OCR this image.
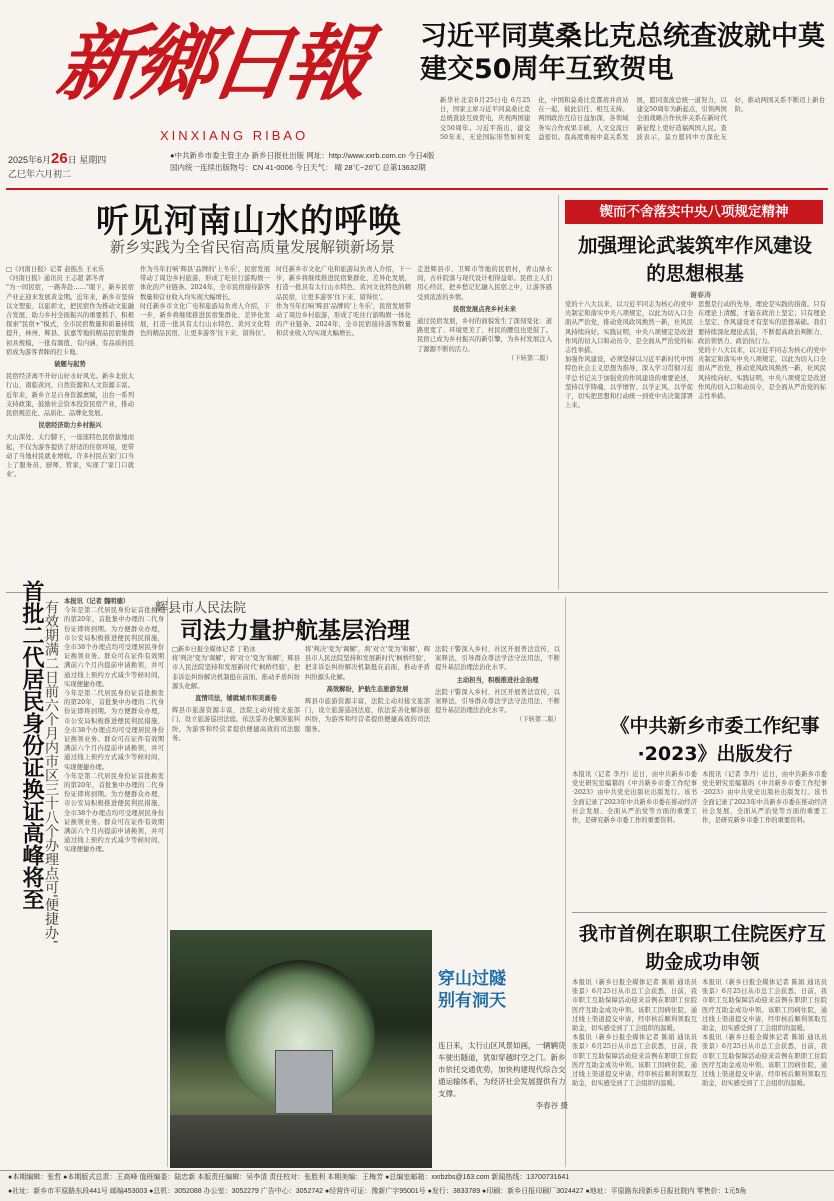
新鄉日報
XINXIANG RIBAO
2025年6月26日 星期四
乙巳年六月初二
●中共新乡市委主管主办 新乡日报社出版 网址：http://www.xxrb.com.cn 今日4版
国内统一连续出版物号：CN 41-0006 今日天气： 晴 28℃~20℃ 总第13632期
习近平同莫桑比克总统查波就中莫建交50周年互致贺电
新华社北京6月25日电 6月25日，国家主席习近平同莫桑比克总统查波互致贺电，庆祝两国建交50周年。习近平指出，建交50年来，无论国际形势如何变化，中国和莫桑比克都肩并肩站在一起，彼此信任、相互支持。两国政治互信日益加深，各领域务实合作成果丰硕，人文交流日益密切。我高度重视中莫关系发展，愿同查波总统一道努力，以建交50周年为新起点，引领两国全面战略合作伙伴关系在新时代新征程上更好造福两国人民。查波表示，莫方愿同中方深化友好，推动两国关系不断迈上新台阶。
听见河南山水的呼唤
新乡实践为全省民宿高质量发展解锁新场景
□《河南日报》记者 赵振杰 王永乐
《河南日报》通讯员 王志超 郭冬青
"为一间民宿，一路奔赴……"眼下，新乡民宿产业正迎来发展黄金期。近年来，新乡市坚持以文塑旅、以旅彰文，把民宿作为推动文旅融合发展、助力乡村全面振兴的重要抓手，积极探索"民宿+"模式，全市民宿数量和质量持续提升，林州、辉县、获嘉等地的精品民宿集群初具规模，一批有颜值、有内涵、有品质的民宿成为游客青睐的打卡地。
破题与起势
民宿经济离不开好山好水好风光。新乡北依太行山、南临黄河，自然资源和人文资源丰富。近年来，新乡立足自身资源禀赋，出台一系列支持政策，鼓励社会资本投资民宿产业，推动民宿规范化、品质化、品牌化发展。
民宿经济助力乡村振兴
大山深处、太行脚下，一座座特色民宿拔地而起，不仅为游客提供了舒适的住宿环境，更带动了当地村民就业增收。许多村民在家门口当上了服务员、厨师、管家，实现了'家门口就业'。
作为当年打响'辉县'品牌的'上冬乐'，民宿发展带动了周边乡村旅游，形成了吃住行游购娱一体化的产业链条。2024年，全市民宿接待游客数量和营业收入均实现大幅增长。
时任新乡市文化广电和旅游局负责人介绍，下一步，新乡将继续推进民宿集群化、差异化发展，打造一批具有太行山水特色、黄河文化特色的精品民宿，让更多游客'住下来、留得住'。
时任新乡市文化广电和旅游局负责人介绍，下一步，新乡将继续推进民宿集群化、差异化发展，打造一批具有太行山水特色、黄河文化特色的精品民宿，让更多游客'住下来、留得住'。
作为当年打响'辉县'品牌的'上冬乐'，民宿发展带动了周边乡村旅游，形成了吃住行游购娱一体化的产业链条。2024年，全市民宿接待游客数量和营业收入均实现大幅增长。
走进辉县市、卫辉市等地的民宿村，青山绿水间，古朴院落与现代设计相得益彰。民宿主人们用心经营，把乡愁记忆融入民宿之中，让游客感受到浓浓的乡情。
民宿发展点亮乡村未来
通过民宿发展，乡村的面貌发生了深刻变化：道路更宽了、环境更美了、村民的腰包也更鼓了。民宿已成为乡村振兴的新引擎，为乡村发展注入了源源不断的活力。
（下转第二版）
锲而不舍落实中央八项规定精神
加强理论武装筑牢作风建设的思想根基
谢春涛
党的十八大以来，以习近平同志为核心的党中央制定和落实中央八项规定，以此为切入口全面从严治党，推动党风政风焕然一新，社风民风持续向好。实践证明，中央八项规定是改进作风的切入口和动员令，是全面从严治党的标志性举措。
加强作风建设，必须坚持以习近平新时代中国特色社会主义思想为指导，深入学习贯彻习近平总书记关于加强党的作风建设的重要论述，坚持以学铸魂、以学增智、以学正风、以学促干，切实把思想和行动统一到党中央决策部署上来。
思想是行动的先导，理论是实践的指南。只有在理论上清醒，才能在政治上坚定；只有理论上坚定，作风建设才有坚实的思想基础。我们要持续深化理论武装，不断提高政治判断力、政治领悟力、政治执行力。
党的十八大以来，以习近平同志为核心的党中央制定和落实中央八项规定，以此为切入口全面从严治党，推动党风政风焕然一新，社风民风持续向好。实践证明，中央八项规定是改进作风的切入口和动员令，是全面从严治党的标志性举措。
首批二代居民身份证换证高峰将至 有效期满二日前六个月内市区三十八个办理点可'便捷办' 本报讯（记者 魏明德）
今年是第二代居民身份证首批换发的第20年，首批集中办理的二代身份证即将到期。为方便群众办理，市公安局积极推进便民利民措施，全市38个办理点均可受理居民身份证换领业务。群众可在证件有效期满前六个月内提前申请换领，并可通过线上预约方式减少等候时间，实现便捷办理。
今年是第二代居民身份证首批换发的第20年，首批集中办理的二代身份证即将到期。为方便群众办理，市公安局积极推进便民利民措施，全市38个办理点均可受理居民身份证换领业务。群众可在证件有效期满前六个月内提前申请换领，并可通过线上预约方式减少等候时间，实现便捷办理。
今年是第二代居民身份证首批换发的第20年，首批集中办理的二代身份证即将到期。为方便群众办理，市公安局积极推进便民利民措施，全市38个办理点均可受理居民身份证换领业务。群众可在证件有效期满前六个月内提前申请换领，并可通过线上预约方式减少等候时间，实现便捷办理。
辉县市人民法院
司法力量护航基层治理
□新乡日报全媒体记者 丁艳冰
将'判决'变为'调解'，将'对立'变为'和解'，辉县市人民法院坚持和发展新时代'枫桥经验'，把非诉讼纠纷解决机制挺在前面，推动矛盾纠纷源头化解。
直情司法，铺就城市和美画卷
辉县市旅游资源丰富，法院主动对接文旅部门，设立旅游巡回法庭，依法妥善化解涉旅纠纷，为游客和经营者提供便捷高效的司法服务。
将'判决'变为'调解'，将'对立'变为'和解'，辉县市人民法院坚持和发展新时代'枫桥经验'，把非诉讼纠纷解决机制挺在前面，推动矛盾纠纷源头化解。
高效解纷，护航生态旅游发展
辉县市旅游资源丰富，法院主动对接文旅部门，设立旅游巡回法庭，依法妥善化解涉旅纠纷，为游客和经营者提供便捷高效的司法服务。
法院干警深入乡村、社区开展普法宣传，以案释法，引导群众尊法学法守法用法，不断提升基层治理法治化水平。
主动担当，积极推进社会治理
法院干警深入乡村、社区开展普法宣传，以案释法，引导群众尊法学法守法用法，不断提升基层治理法治化水平。
（下转第二版）	《中共新乡市委工作纪事·2023》出版发行
本报讯（记者 李丹）近日，由中共新乡市委党史研究室编纂的《中共新乡市委工作纪事·2023》由中共党史出版社出版发行。该书全面记录了2023年中共新乡市委在推动经济社会发展、全面从严治党等方面的重要工作，是研究新乡市委工作的重要资料。
本报讯（记者 李丹）近日，由中共新乡市委党史研究室编纂的《中共新乡市委工作纪事·2023》由中共党史出版社出版发行。该书全面记录了2023年中共新乡市委在推动经济社会发展、全面从严治党等方面的重要工作，是研究新乡市委工作的重要资料。
我市首例在职职工住院医疗互助金成功申领
本报讯（新乡日报全媒体记者 陈娟 通讯员 张景）6月25日从市总工会获悉，日前，我市职工互助保障活动迎来首例在职职工住院医疗互助金成功申领。该职工因病住院，通过线上渠道提交申请，经审核后顺利领取互助金，切实感受到了工会组织的温暖。
本报讯（新乡日报全媒体记者 陈娟 通讯员 张景）6月25日从市总工会获悉，日前，我市职工互助保障活动迎来首例在职职工住院医疗互助金成功申领。该职工因病住院，通过线上渠道提交申请，经审核后顺利领取互助金，切实感受到了工会组织的温暖。
本报讯（新乡日报全媒体记者 陈娟 通讯员 张景）6月25日从市总工会获悉，日前，我市职工互助保障活动迎来首例在职职工住院医疗互助金成功申领。该职工因病住院，通过线上渠道提交申请，经审核后顺利领取互助金，切实感受到了工会组织的温暖。
本报讯（新乡日报全媒体记者 陈娟 通讯员 张景）6月25日从市总工会获悉，日前，我市职工互助保障活动迎来首例在职职工住院医疗互助金成功申领。该职工因病住院，通过线上渠道提交申请，经审核后顺利领取互助金，切实感受到了工会组织的温暖。
穿山过隧
别有洞天
连日来，太行山区风景如画，一辆辆货车驶出隧道，犹如穿越时空之门。新乡市依托交通优势，加快构建现代综合交通运输体系，为经济社会发展提供有力支撑。
李春谷 摄
●本期编辑：张哲 ●本期版式总责：王高峰 值班编委：陆忠新 本版责任编辑：吴李清 责任校对：张胜利 本期美编：王梅芳 ●总编室邮箱：xxrbzbs@163.com 新闻热线：13700731641
●社址：新乡市平原路东段441号 邮编453003 ●总机：3052088 办公室：3052279 广告中心：3052742 ●经营许可证：豫新广字95001号 ●发行：3833789 ●印刷：新乡日报印刷厂3024427 ●地址：平原路东段新乡日报社院内 零售价：1元5角
